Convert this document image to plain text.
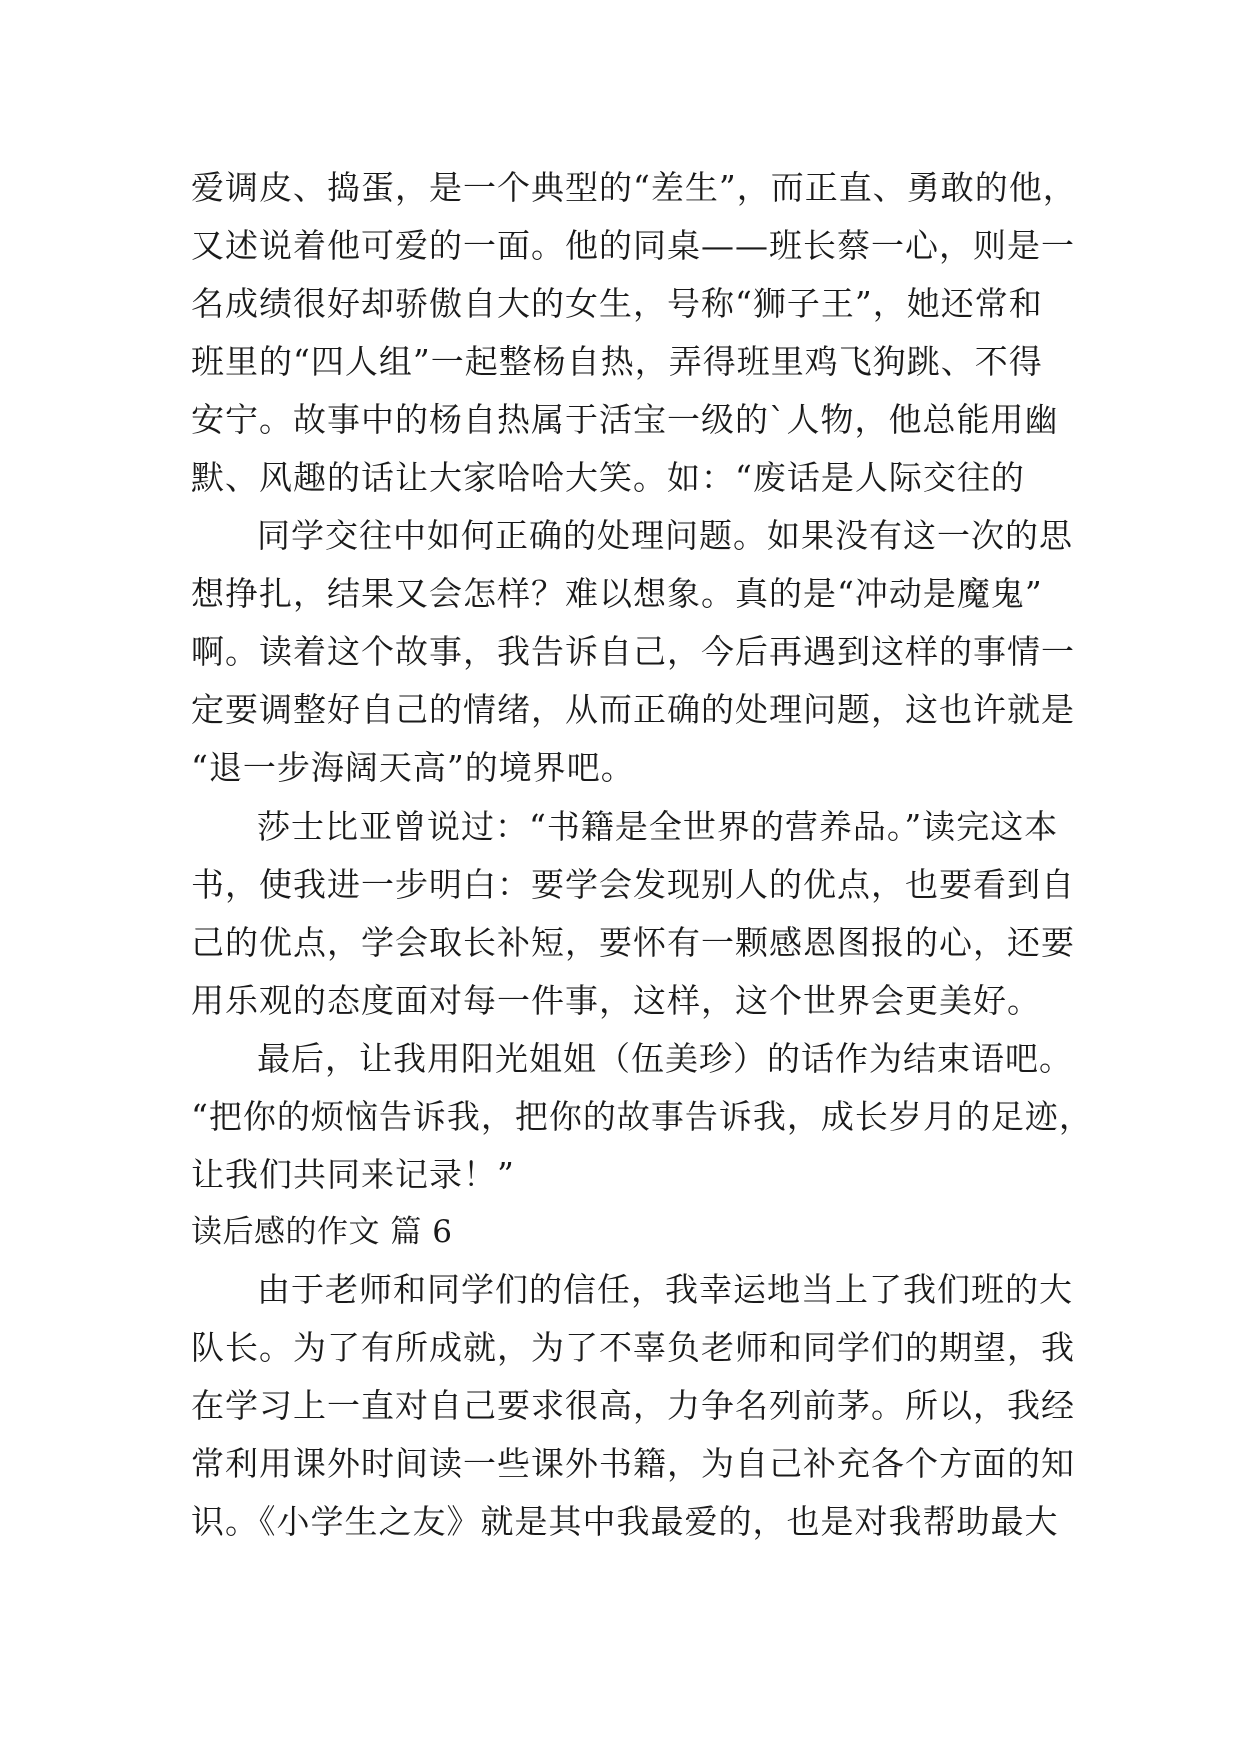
爱调皮、捣蛋，是一个典型的“差生”，而正直、勇敢的他，
又述说着他可爱的一面。他的同桌——班长蔡一心，则是一
名成绩很好却骄傲自大的女生，号称“狮子王”，她还常和
班里的“四人组”一起整杨自热，弄得班里鸡飞狗跳、不得
安宁。故事中的杨自热属于活宝一级的`人物，他总能用幽
默、风趣的话让大家哈哈大笑。如：“废话是人际交往的
同学交往中如何正确的处理问题。如果没有这一次的思
想挣扎，结果又会怎样？难以想象。真的是“冲动是魔鬼”
啊。读着这个故事，我告诉自己，今后再遇到这样的事情一
定要调整好自己的情绪，从而正确的处理问题，这也许就是
“退一步海阔天高”的境界吧。
莎士比亚曾说过：“书籍是全世界的营养品。”读完这本
书，使我进一步明白：要学会发现别人的优点，也要看到自
己的优点，学会取长补短，要怀有一颗感恩图报的心，还要
用乐观的态度面对每一件事，这样，这个世界会更美好。
最后，让我用阳光姐姐（伍美珍）的话作为结束语吧。
“把你的烦恼告诉我，把你的故事告诉我，成长岁月的足迹，
让我们共同来记录！”
读后感的作文 篇 6
由于老师和同学们的信任，我幸运地当上了我们班的大
队长。为了有所成就，为了不辜负老师和同学们的期望，我
在学习上一直对自己要求很高，力争名列前茅。所以，我经
常利用课外时间读一些课外书籍，为自己补充各个方面的知
识。《小学生之友》就是其中我最爱的，也是对我帮助最大
